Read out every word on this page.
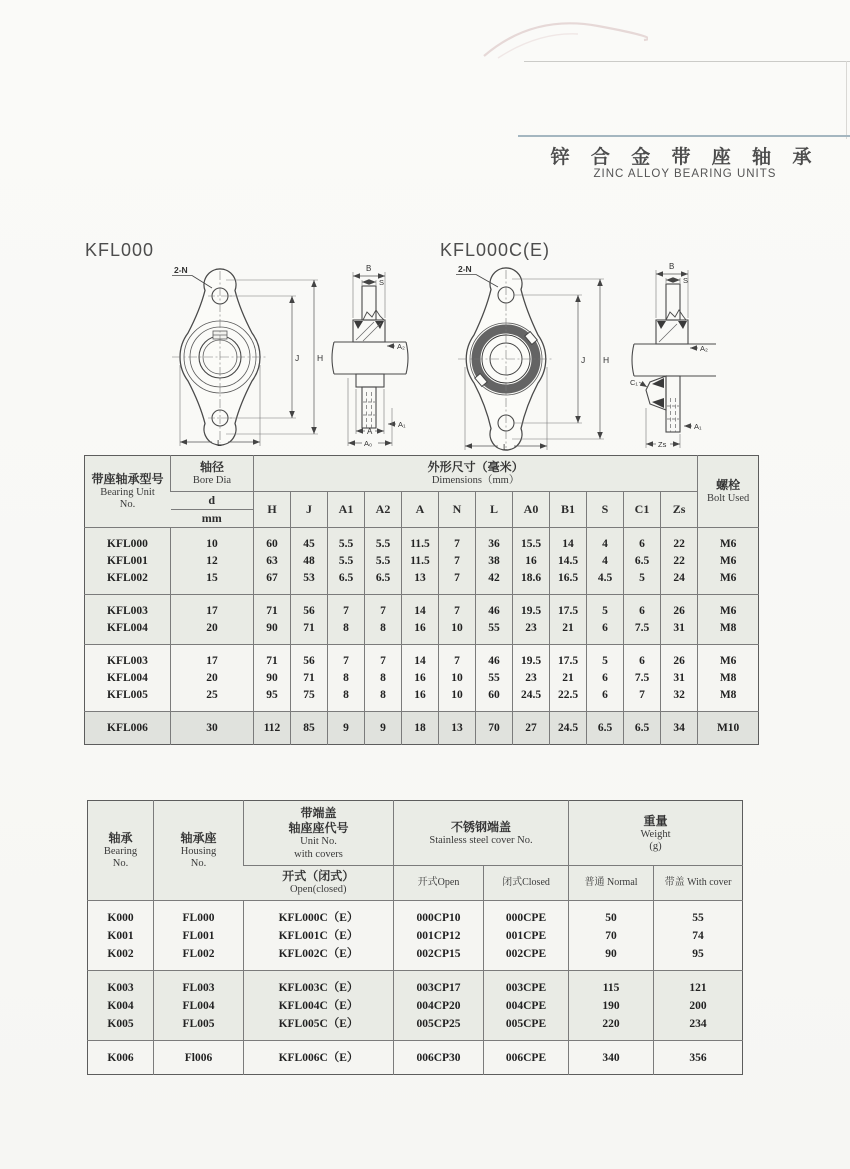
锌 合 金 带 座 轴 承
ZINC ALLOY BEARING UNITS
KFL000	KFL000C(E)
2-N
J H
L
B
S
A₂
A₁
A
A₀
2-N
J H
L
B
S
A₂
C₁
A₁
Zs
带座轴承型号
Bearing Unit
No.

轴径
Bore Dia

外形尺寸（毫米）
Dimensions（mm）	螺栓
Bolt Used

	d	H	J	A1	A2	A	N	L	A0	B1	S	C1	Zs	
	mm													
KFL000	10	60	45	5.5	5.5	11.5	7	36	15.5	14	4	6	22	M6
KFL001	12	63	48	5.5	5.5	11.5	7	38	16	14.5	4	6.5	22	M6
KFL002	15	67	53	6.5	6.5	13	7	42	18.6	16.5	4.5	5	24	M6
KFL003	17	71	56	7	7	14	7	46	19.5	17.5	5	6	26	M6
KFL004	20	90	71	8	8	16	10	55	23	21	6	7.5	31	M8
KFL003	17	71	56	7	7	14	7	46	19.5	17.5	5	6	26	M6
KFL004	20	90	71	8	8	16	10	55	23	21	6	7.5	31	M8
KFL005	25	95	75	8	8	16	10	60	24.5	22.5	6	7	32	M8
KFL006	30	112	85	9	9	18	13	70	27	24.5	6.5	6.5	34	M10
轴承
Bearing
No.

轴承座
Housing
No.

带端盖
轴座座代号
Unit No.
with covers

不锈钢端盖
Stainless steel cover No.

重量
Weight
(g)

		开式（闭式）
Open(closed)	开式Open	闭式Closed	普通 Normal	带盖 With cover
K000	FL000	KFL000C（E）	000CP10	000CPE	50	55
K001	FL001	KFL001C（E）	001CP12	001CPE	70	74
K002	FL002	KFL002C（E）	002CP15	002CPE	90	95
K003	FL003	KFL003C（E）	003CP17	003CPE	115	121
K004	FL004	KFL004C（E）	004CP20	004CPE	190	200
K005	FL005	KFL005C（E）	005CP25	005CPE	220	234
K006	Fl006	KFL006C（E）	006CP30	006CPE	340	356
